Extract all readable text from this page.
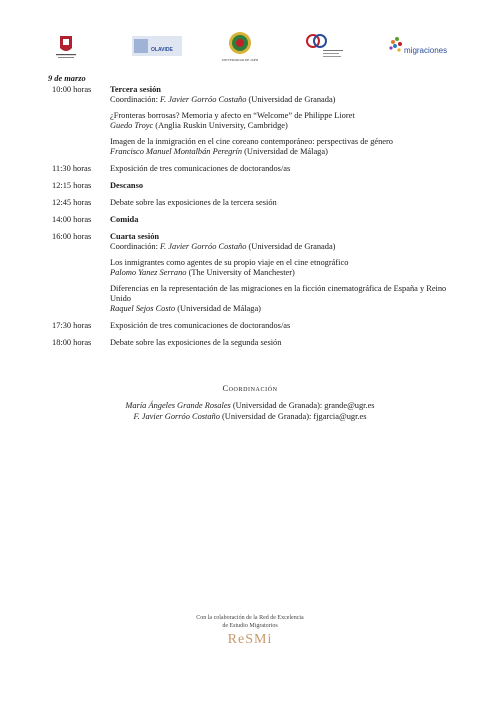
OLAVIDE
UNIVERSIDAD DE JAÉN
migraciones
9 de marzo
10:00 horas	Tercera sesión
Coordinación: F. Javier Gorróo Costaño (Universidad de Granada)
¿Fronteras borrosas? Memoria y afecto en “Welcome” de Philippe Lioret
Guedo Troyc (Anglia Ruskin University, Cambridge)
Imagen de la inmigración en el cine coreano contemporáneo: perspectivas de género
Francisco Manuel Montalbán Peregrín (Universidad de Málaga)
11:30 horas	Exposición de tres comunicaciones de doctorandos/as
12:15 horas	Descanso
12:45 horas	Debate sobre las exposiciones de la tercera sesión
14:00 horas	Comida
16:00 horas	Cuarta sesión
Coordinación: F. Javier Gorróo Costaño (Universidad de Granada)
Los inmigrantes como agentes de su propio viaje en el cine etnográfico
Palomo Yanez Serrano (The University of Manchester)
Diferencias en la representación de las migraciones en la ficción cinematográfica de España y Reino Unido
Raquel Sejos Costo (Universidad de Málaga)
17:30 horas	Exposición de tres comunicaciones de doctorandos/as
18:00 horas	Debate sobre las exposiciones de la segunda sesión
Coordinación
María Ángeles Grande Rosales (Universidad de Granada): grande@ugr.es
F. Javier Gorróo Costaño (Universidad de Granada): fjgarcia@ugr.es
Con la colaboración de la Red de Excelencia
de Estudio Migratorios
ReSMi
